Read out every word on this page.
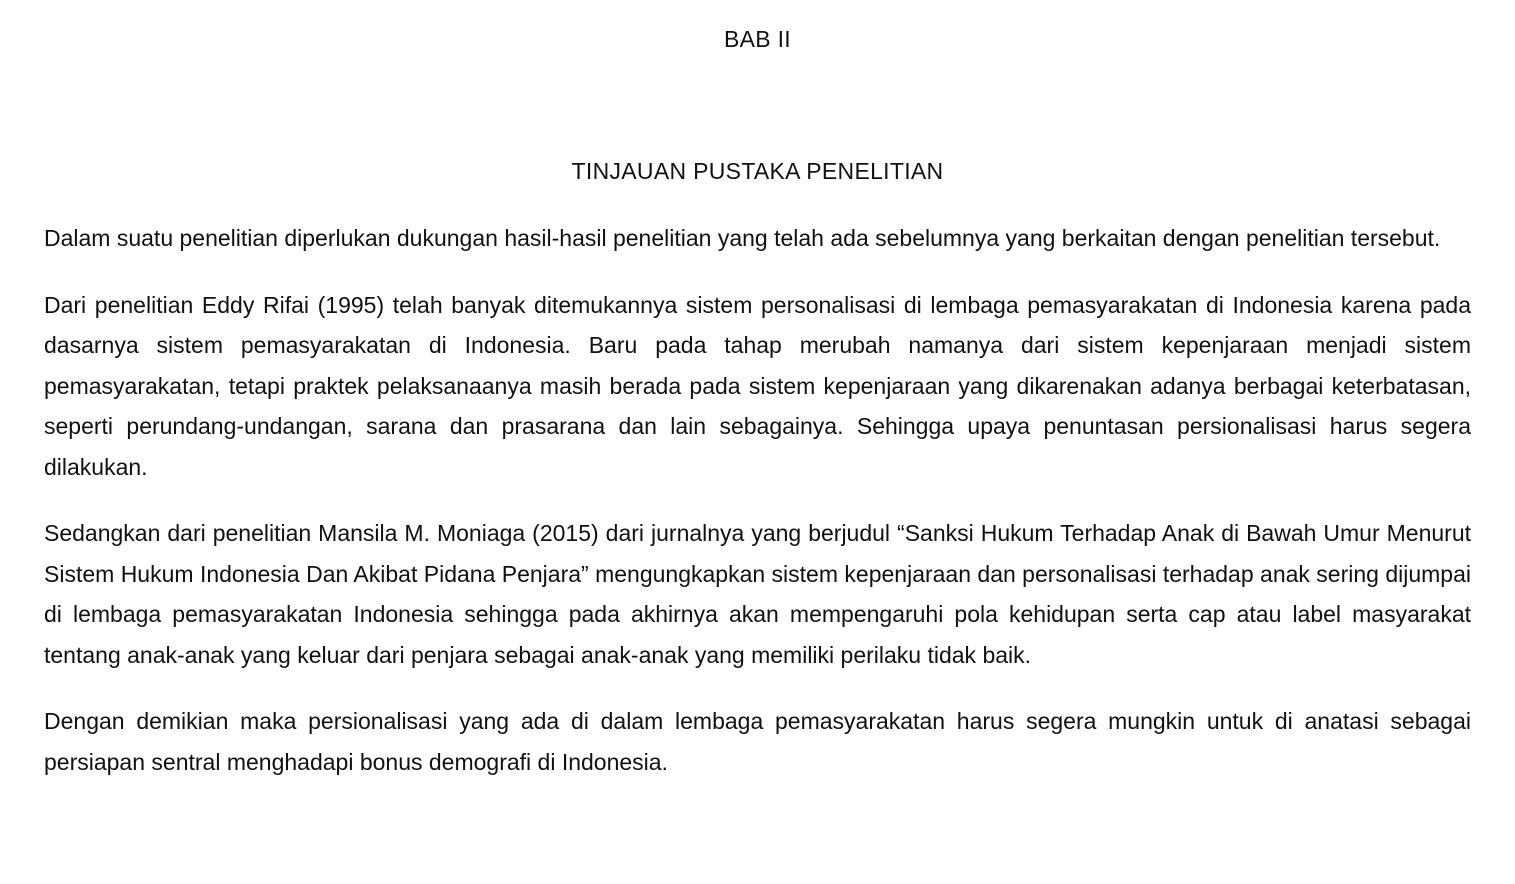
BAB II
TINJAUAN PUSTAKA PENELITIAN

Dalam suatu penelitian diperlukan dukungan hasil-hasil penelitian yang telah ada sebelumnya yang berkaitan dengan penelitian tersebut.

Dari penelitian Eddy Rifai (1995) telah banyak ditemukannya sistem personalisasi di lembaga pemasyarakatan di Indonesia karena pada dasarnya sistem pemasyarakatan di Indonesia. Baru pada tahap merubah namanya dari sistem kepenjaraan menjadi sistem pemasyarakatan, tetapi praktek pelaksanaanya masih berada pada sistem kepenjaraan yang dikarenakan adanya berbagai keterbatasan, seperti perundang-undangan, sarana dan prasarana dan lain sebagainya. Sehingga upaya penuntasan persionalisasi harus segera dilakukan.

Sedangkan dari penelitian Mansila M. Moniaga (2015) dari jurnalnya yang berjudul “Sanksi Hukum Terhadap Anak di Bawah Umur Menurut Sistem Hukum Indonesia Dan Akibat Pidana Penjara” mengungkapkan sistem kepenjaraan dan personalisasi terhadap anak sering dijumpai di lembaga pemasyarakatan Indonesia sehingga pada akhirnya akan mempengaruhi pola kehidupan serta cap atau label masyarakat tentang anak-anak yang keluar dari penjara sebagai anak-anak yang memiliki perilaku tidak baik.

Dengan demikian maka persionalisasi yang ada di dalam lembaga pemasyarakatan harus segera mungkin untuk di anatasi sebagai persiapan sentral menghadapi bonus demografi di Indonesia.
